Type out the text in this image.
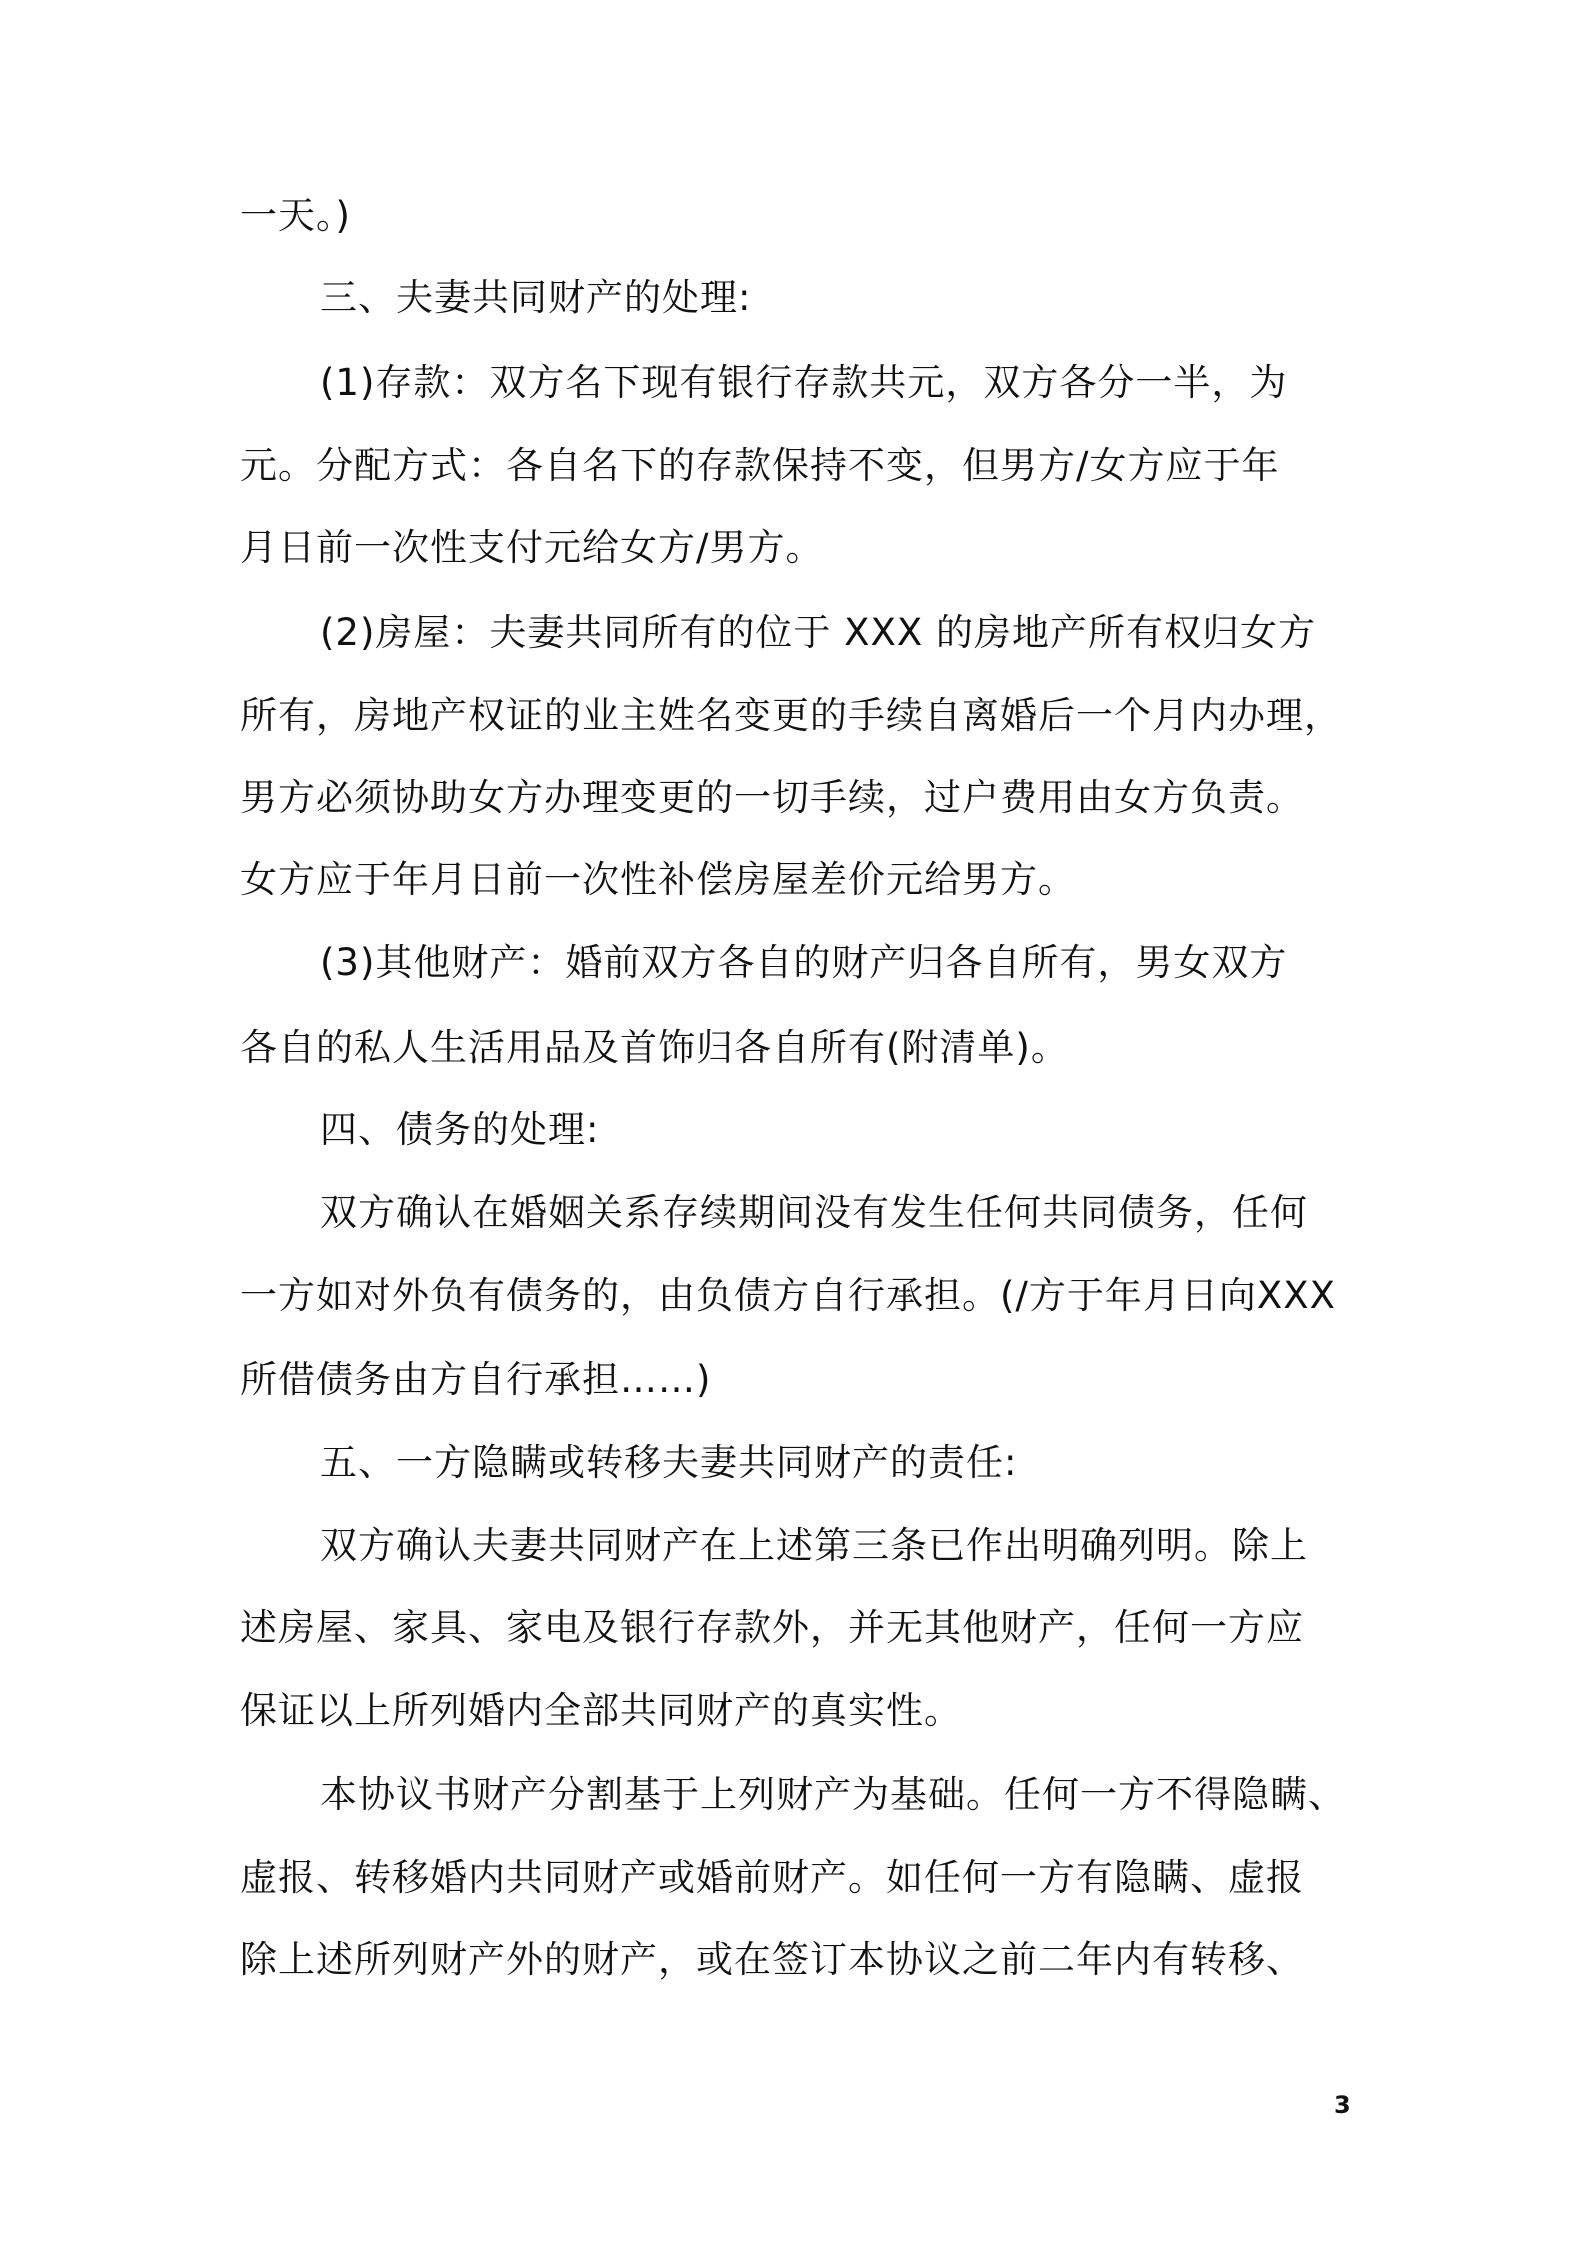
一天。)
三、夫妻共同财产的处理:
(1)存款：双方名下现有银行存款共元，双方各分一半，为
元。分配方式：各自名下的存款保持不变，但男方/女方应于年
月日前一次性支付元给女方/男方。
(2)房屋：夫妻共同所有的位于 XXX 的房地产所有权归女方
所有，房地产权证的业主姓名变更的手续自离婚后一个月内办理，
男方必须协助女方办理变更的一切手续，过户费用由女方负责。
女方应于年月日前一次性补偿房屋差价元给男方。
(3)其他财产：婚前双方各自的财产归各自所有，男女双方
各自的私人生活用品及首饰归各自所有(附清单)。
四、债务的处理:
双方确认在婚姻关系存续期间没有发生任何共同债务，任何
一方如对外负有债务的，由负债方自行承担。(/方于年月日向XXX
所借债务由方自行承担……)
五、一方隐瞒或转移夫妻共同财产的责任:
双方确认夫妻共同财产在上述第三条已作出明确列明。除上
述房屋、家具、家电及银行存款外，并无其他财产，任何一方应
保证以上所列婚内全部共同财产的真实性。
本协议书财产分割基于上列财产为基础。任何一方不得隐瞒、
虚报、转移婚内共同财产或婚前财产。如任何一方有隐瞒、虚报
除上述所列财产外的财产，或在签订本协议之前二年内有转移、
3
